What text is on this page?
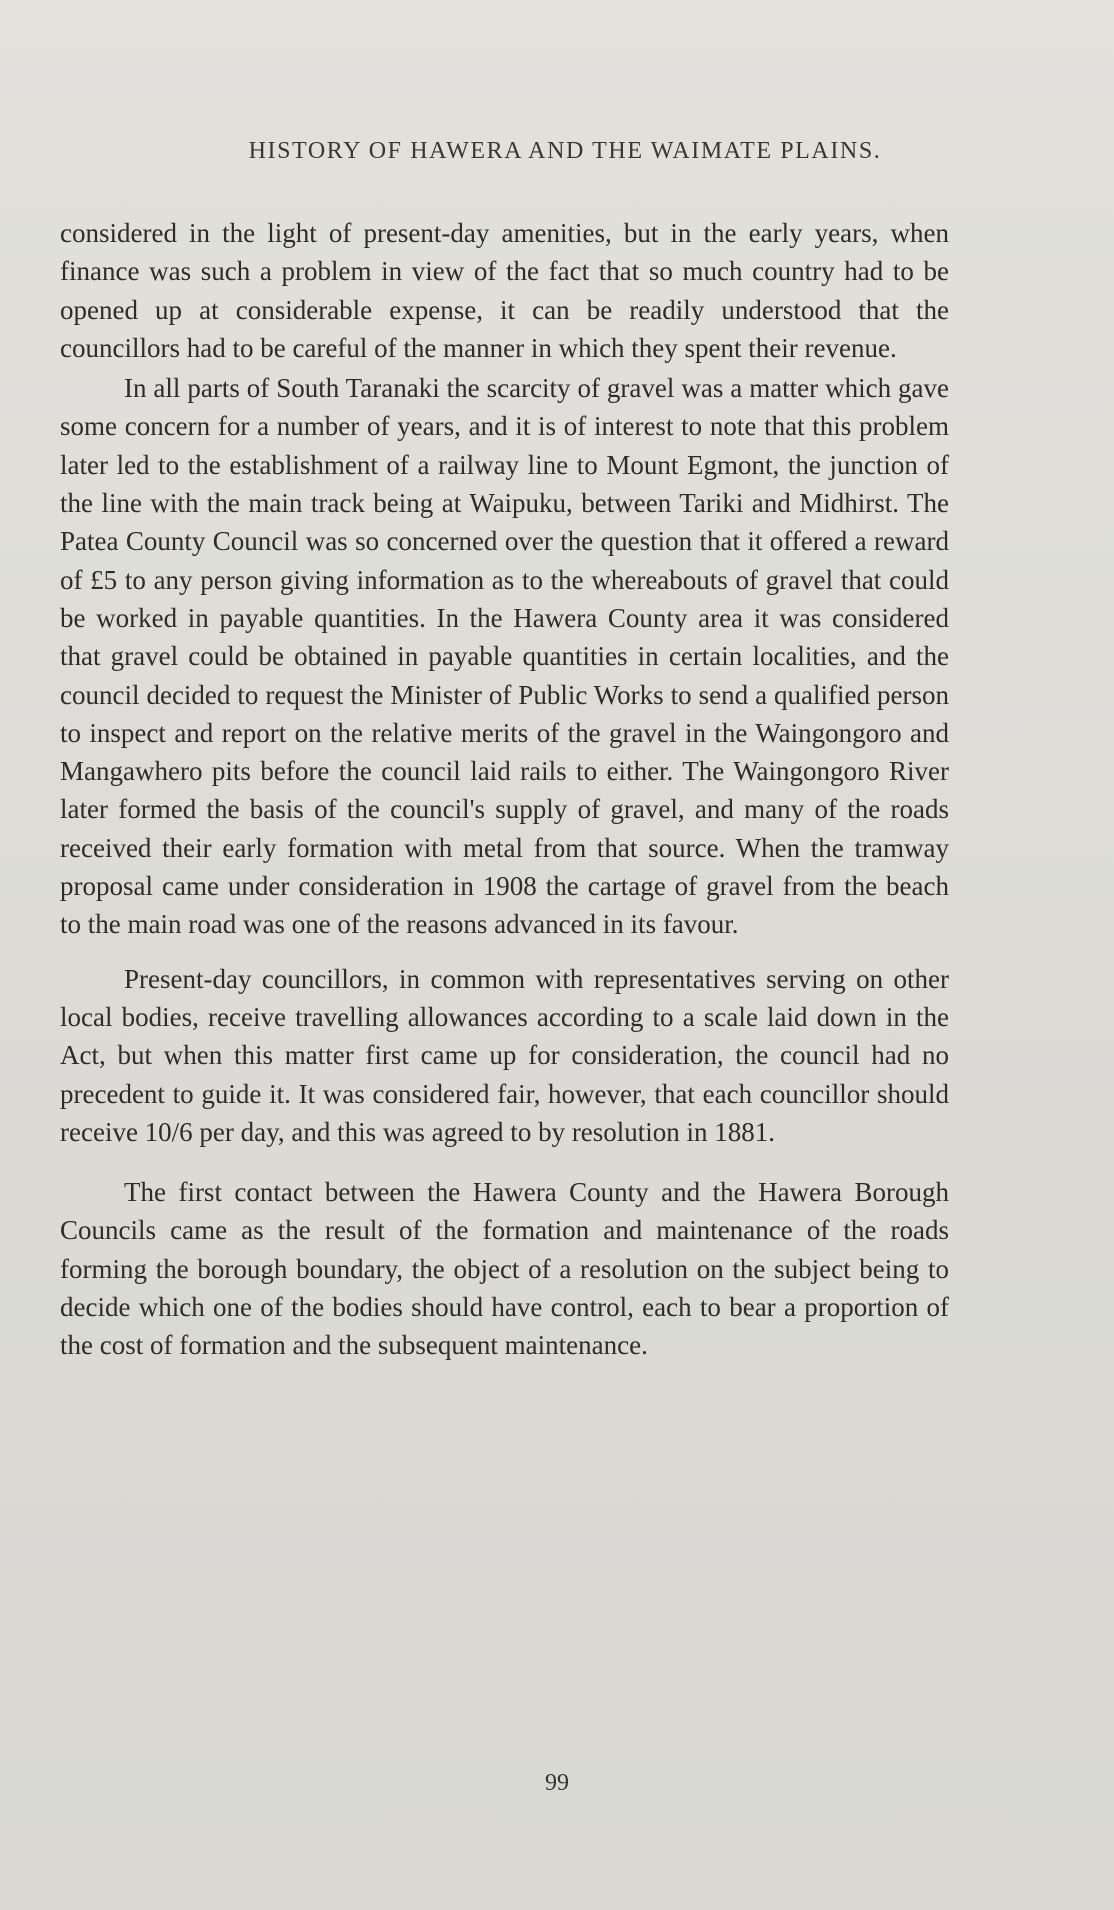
HISTORY OF HAWERA AND THE WAIMATE PLAINS.

considered in the light of present-day amenities, but in the early years, when finance was such a problem in view of the fact that so much country had to be opened up at considerable expense, it can be readily understood that the councillors had to be careful of the manner in which they spent their revenue.

In all parts of South Taranaki the scarcity of gravel was a matter which gave some concern for a number of years, and it is of interest to note that this problem later led to the establishment of a railway line to Mount Egmont, the junction of the line with the main track being at Waipuku, between Tariki and Midhirst. The Patea County Council was so concerned over the question that it offered a reward of £5 to any person giving information as to the whereabouts of gravel that could be worked in payable quantities. In the Hawera County area it was considered that gravel could be obtained in payable quantities in certain localities, and the council decided to request the Minister of Public Works to send a qualified person to inspect and report on the relative merits of the gravel in the Waingongoro and Mangawhero pits before the council laid rails to either. The Waingongoro River later formed the basis of the council's supply of gravel, and many of the roads received their early formation with metal from that source. When the tramway proposal came under consideration in 1908 the cartage of gravel from the beach to the main road was one of the reasons advanced in its favour.

Present-day councillors, in common with representatives serving on other local bodies, receive travelling allowances according to a scale laid down in the Act, but when this matter first came up for consideration, the council had no precedent to guide it. It was considered fair, however, that each councillor should receive 10/6 per day, and this was agreed to by resolution in 1881.

The first contact between the Hawera County and the Hawera Borough Councils came as the result of the formation and maintenance of the roads forming the borough boundary, the object of a resolution on the subject being to decide which one of the bodies should have control, each to bear a proportion of the cost of formation and the subsequent maintenance.

99
